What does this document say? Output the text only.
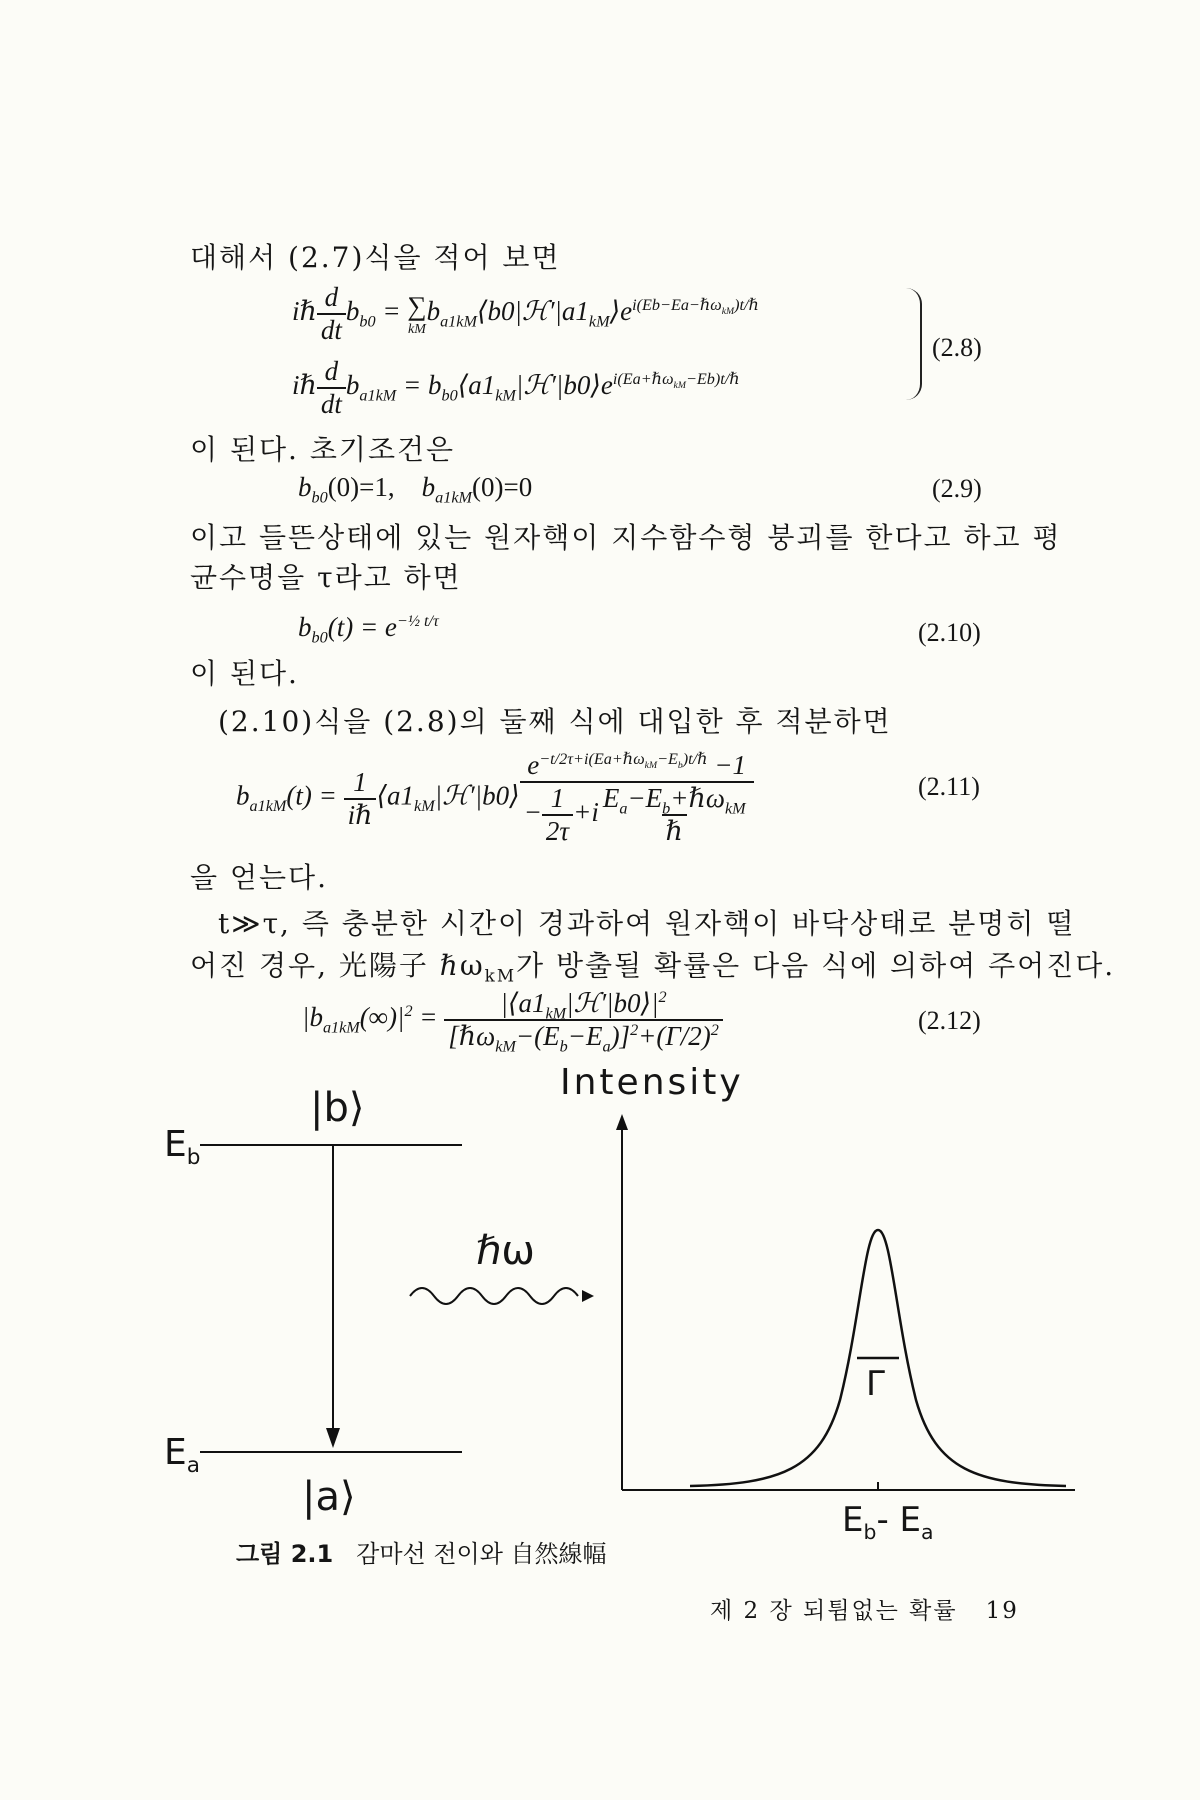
대해서 (2.7)식을 적어 보면
iℏ $\frac{d}{dt} b_{b0}$ = ∑
kM
$b_{a1kM}⟨b0|ℋ'|a1_{kM}⟩e^{i(Eb-Ea-\hbar\omega_{kM})t/\hbar}$
iℏ $\frac{d}{dt} b_{a1kM}$ = $b_{b0}⟨a1_{kM}|ℋ'|b0⟩e^{i(Ea+\hbar\omega_{kM}-Eb)t/\hbar}$
(2.8)
이 된다. 초기조건은
$b_{b0}(0)=1$, $b_{a1kM}(0)=0$	(2.9)
이고 들뜬상태에 있는 원자핵이 지수함수형 붕괴를 한다고 하고 평
균수명을 τ라고 하면
$b_{b0}(t) = e^{-\frac{1}{2} t/\tau}$	(2.10)
이 된다.
(2.10)식을 (2.8)의 둘째 식에 대입한 후 적분하면
$b_{a1kM}(t) = \frac{1}{\text{iℏ}}$ $⟨a1_{kM}|ℋ'|b0⟩ \frac{e^{-t/2\tau+i(Ea+\hbar\omega_{kM}-E_b)t/\hbar} -1}{- \frac{1}{2\tau} +i \frac{E_a-E_b+\hbar\omega_{kM}}{\text{ℏ}}}$	(2.11)
을 얻는다.
t≫τ, 즉 충분한 시간이 경과하여 원자핵이 바닥상태로 분명히 떨
어진 경우, 光陽子 ℏω$_{kM}$가 방출될 확률은 다음 식에 의하여 주어진다.
$|b_{a1kM}(\infty)|^2 = \frac{|⟨a1_{kM}|ℋ'|b0⟩|^2}{[\hbar\omega_{kM}-(E_b-E_a)]^2+(\Gamma/2)^2}$	(2.12)
|b⟩
$E_b$
ℏω
Intensity
Γ
$E_a$
|a⟩	$E_b-$ $E_a$
그림 2.1 감마선 전이와 自然線幅
제 2 장 되튐없는 확률 19
